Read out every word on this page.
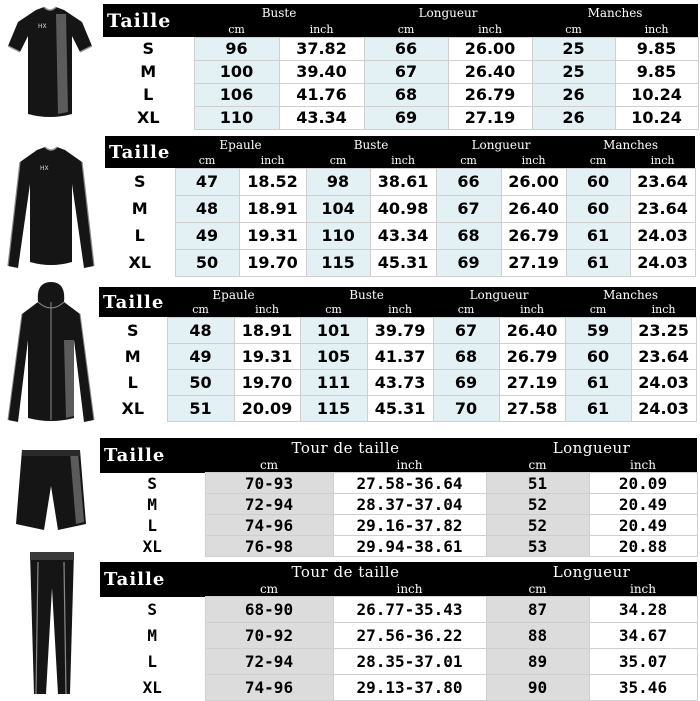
HX
HX
Taille	Buste		Longueur		Manches	
	cm	inch	cm	inch	cm	inch
S	96	37.82	66	26.00	25	9.85
M	100	39.40	67	26.40	25	9.85
L	106	41.76	68	26.79	26	10.24
XL	110	43.34	69	27.19	26	10.24
Taille	Epaule		Buste		Longueur		Manches	
	cm	inch	cm	inch	cm	inch	cm	inch
S	47	18.52	98	38.61	66	26.00	60	23.64
M	48	18.91	104	40.98	67	26.40	60	23.64
L	49	19.31	110	43.34	68	26.79	61	24.03
XL	50	19.70	115	45.31	69	27.19	61	24.03
Taille	Epaule		Buste		Longueur		Manches	
	cm	inch	cm	inch	cm	inch	cm	inch
S	48	18.91	101	39.79	67	26.40	59	23.25
M	49	19.31	105	41.37	68	26.79	60	23.64
L	50	19.70	111	43.73	69	27.19	61	24.03
XL	51	20.09	115	45.31	70	27.58	61	24.03
Taille	Tour de taille		Longueur	
	cm	inch	cm	inch
S	70-93	27.58-36.64	51	20.09
M	72-94	28.37-37.04	52	20.49
L	74-96	29.16-37.82	52	20.49
XL	76-98	29.94-38.61	53	20.88
Taille	Tour de taille		Longueur	
	cm	inch	cm	inch
S	68-90	26.77-35.43	87	34.28
M	70-92	27.56-36.22	88	34.67
L	72-94	28.35-37.01	89	35.07
XL	74-96	29.13-37.80	90	35.46
